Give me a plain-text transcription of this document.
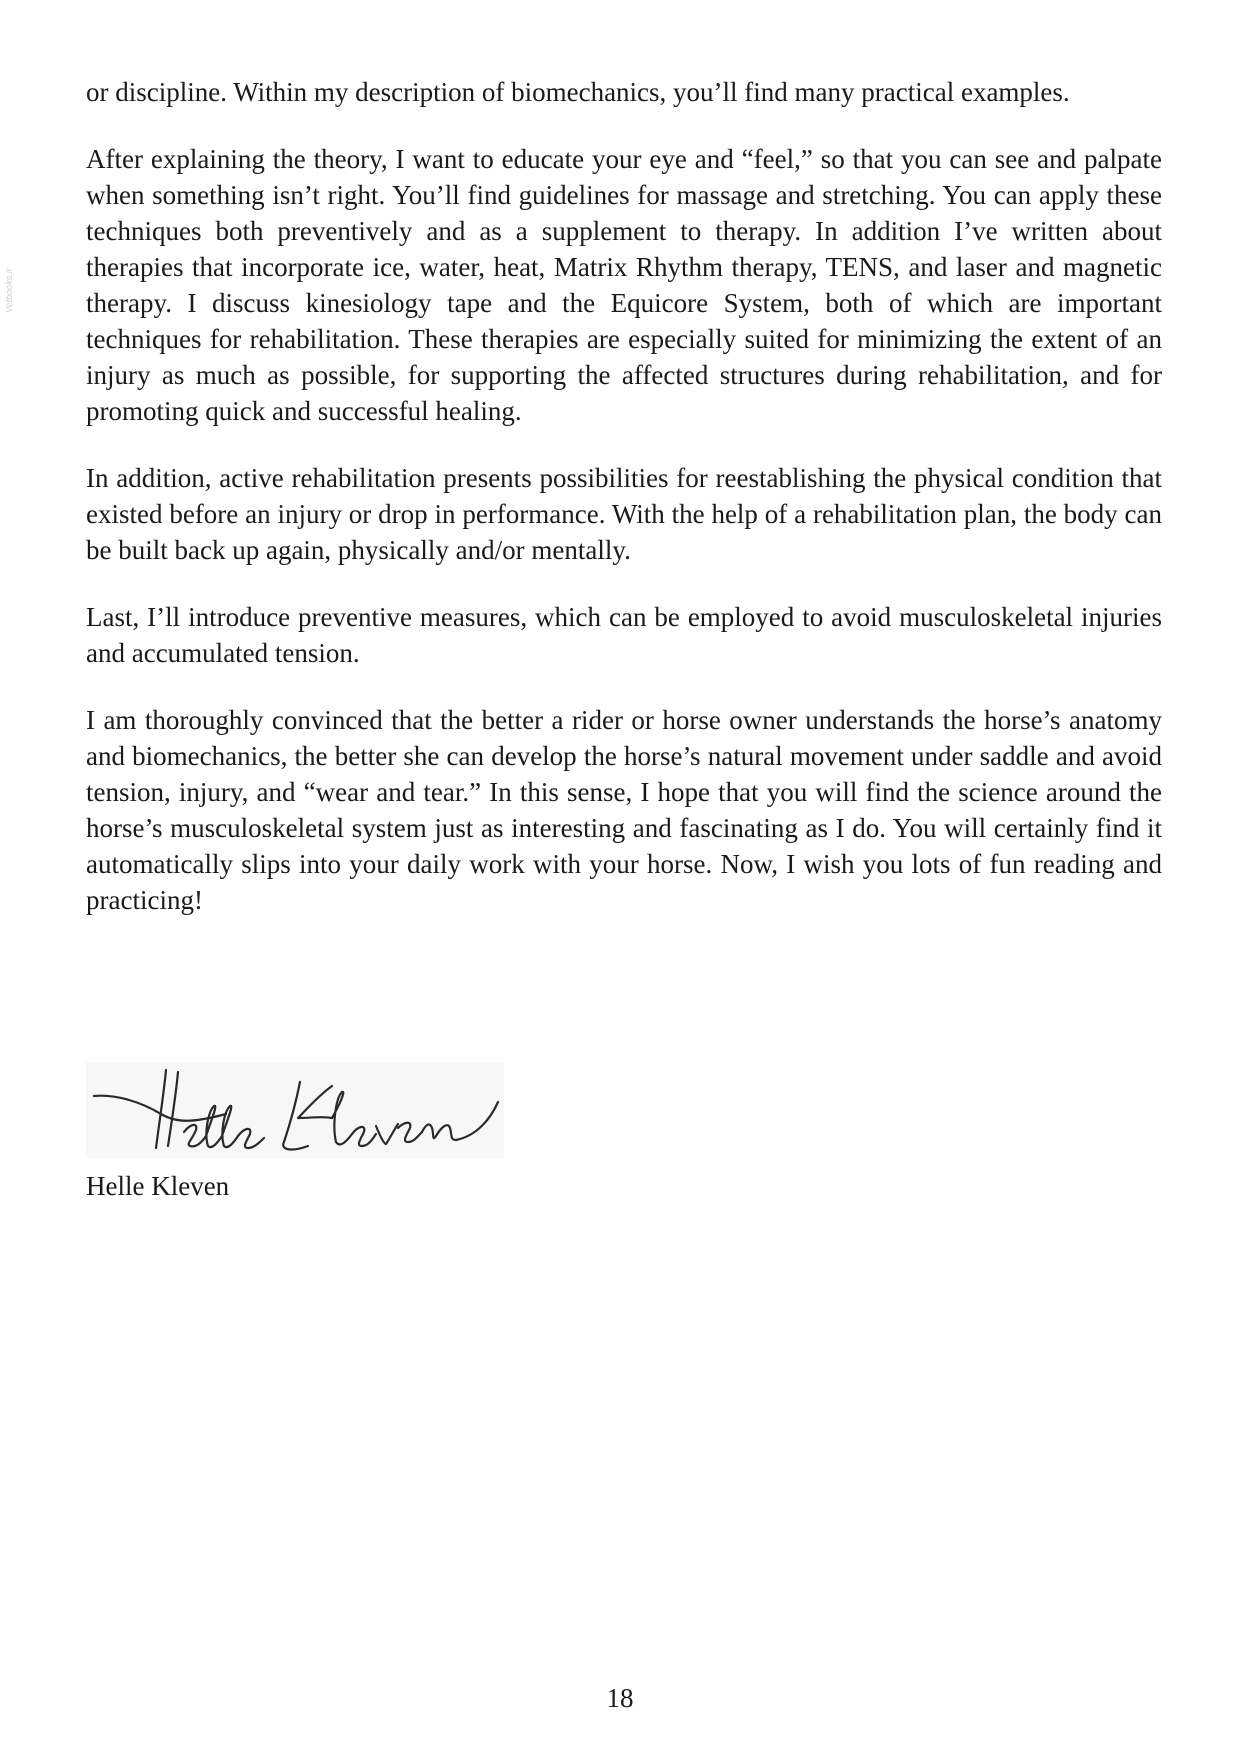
Vetbooks.ir

or discipline. Within my description of biomechanics, you’ll find many practical examples.

After explaining the theory, I want to educate your eye and “feel,” so that you can see and palpate when something isn’t right. You’ll find guidelines for massage and stretching. You can apply these techniques both preventively and as a supplement to therapy. In addition I’ve written about therapies that incorporate ice, water, heat, Matrix Rhythm therapy, TENS, and laser and magnetic therapy. I discuss kinesiology tape and the Equicore System, both of which are important techniques for rehabilitation. These therapies are especially suited for minimizing the extent of an injury as much as possible, for supporting the affected structures during rehabilitation, and for promoting quick and successful healing.

In addition, active rehabilitation presents possibilities for reestablishing the physical condition that existed before an injury or drop in performance. With the help of a rehabilitation plan, the body can be built back up again, physically and/or mentally.

Last, I’ll introduce preventive measures, which can be employed to avoid musculoskeletal injuries and accumulated tension.

I am thoroughly convinced that the better a rider or horse owner understands the horse’s anatomy and biomechanics, the better she can develop the horse’s natural movement under saddle and avoid tension, injury, and “wear and tear.” In this sense, I hope that you will find the science around the horse’s musculoskeletal system just as interesting and fascinating as I do. You will certainly find it automatically slips into your daily work with your horse. Now, I wish you lots of fun reading and practicing!

Helle Kleven

18
